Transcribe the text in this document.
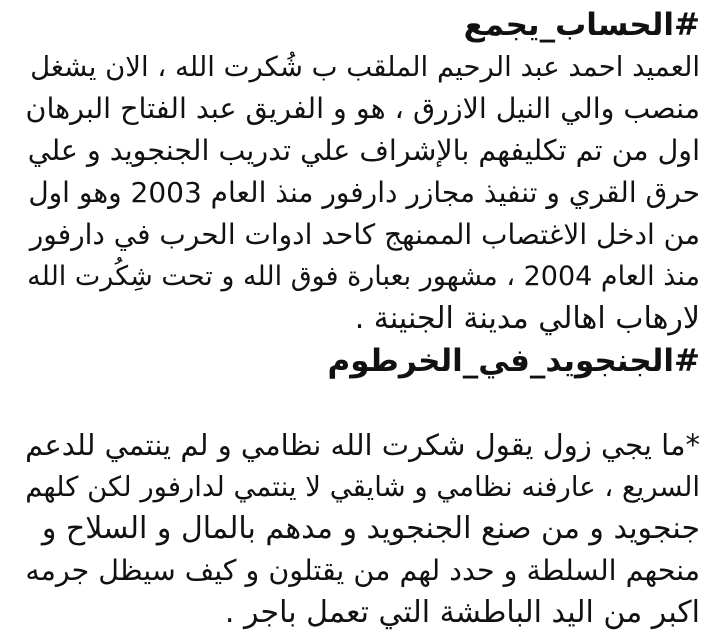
#الحساب_يجمع
العميد احمد عبد الرحيم الملقب ب شُكرت الله ، الان يشغل
منصب والي النيل الازرق ، هو و الفريق عبد الفتاح البرهان
اول من تم تكليفهم بالإشراف علي تدريب الجنجويد و علي
حرق القري و تنفيذ مجازر دارفور منذ العام 2003 وهو اول
من ادخل الاغتصاب الممنهج كاحد ادوات الحرب في دارفور
منذ العام 2004 ، مشهور بعبارة فوق الله و تحت شِكُرت الله
لارهاب اهالي مدينة الجنينة .
#الجنجويد_في_الخرطوم
*ما يجي زول يقول شكرت الله نظامي و لم ينتمي للدعم
السريع ، عارفنه نظامي و شايقي لا ينتمي لدارفور لكن كلهم
جنجويد و من صنع الجنجويد و مدهم بالمال و السلاح و
منحهم السلطة و حدد لهم من يقتلون و كيف سيظل جرمه
اكبر من اليد الباطشة التي تعمل باجر .
